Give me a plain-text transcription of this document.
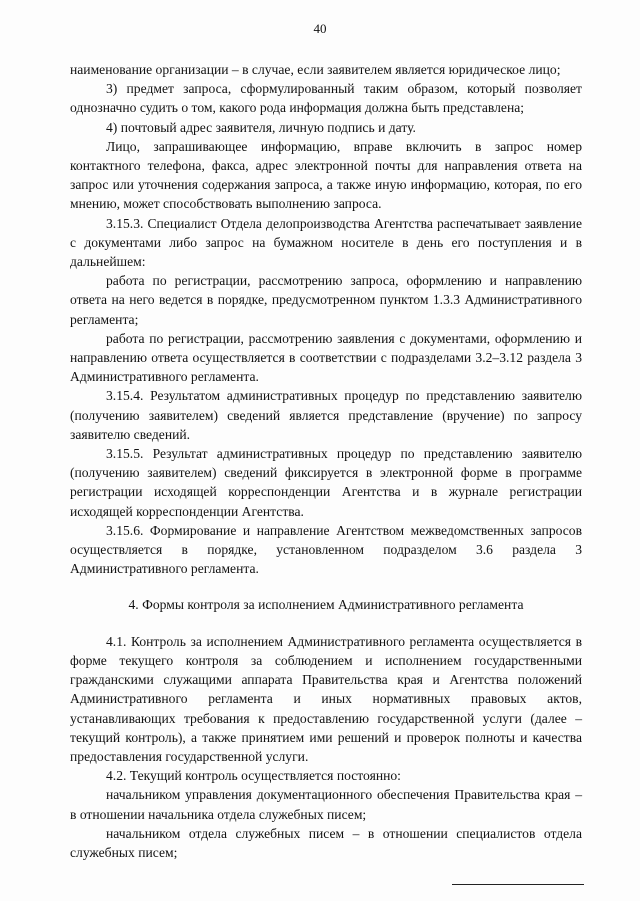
40

наименование организации – в случае, если заявителем является юридическое лицо;

3) предмет запроса, сформулированный таким образом, который позволяет однозначно судить о том, какого рода информация должна быть представлена;

4) почтовый адрес заявителя, личную подпись и дату.

Лицо, запрашивающее информацию, вправе включить в запрос номер контактного телефона, факса, адрес электронной почты для направления ответа на запрос или уточнения содержания запроса, а также иную информацию, которая, по его мнению, может способствовать выполнению запроса.

3.15.3. Специалист Отдела делопроизводства Агентства распечатывает заявление с документами либо запрос на бумажном носителе в день его поступления и в дальнейшем:

работа по регистрации, рассмотрению запроса, оформлению и направлению ответа на него ведется в порядке, предусмотренном пунктом 1.3.3 Административного регламента;

работа по регистрации, рассмотрению заявления с документами, оформлению и направлению ответа осуществляется в соответствии с подразделами 3.2–3.12 раздела 3 Административного регламента.

3.15.4. Результатом административных процедур по представлению заявителю (получению заявителем) сведений является представление (вручение) по запросу заявителю сведений.

3.15.5. Результат административных процедур по представлению заявителю (получению заявителем) сведений фиксируется в электронной форме в программе регистрации исходящей корреспонденции Агентства и в журнале регистрации исходящей корреспонденции Агентства.

3.15.6. Формирование и направление Агентством межведомственных запросов осуществляется в порядке, установленном подразделом 3.6 раздела 3 Административного регламента.

4. Формы контроля за исполнением Административного регламента

4.1. Контроль за исполнением Административного регламента осуществляется в форме текущего контроля за соблюдением и исполнением государственными гражданскими служащими аппарата Правительства края и Агентства положений Административного регламента и иных нормативных правовых актов, устанавливающих требования к предоставлению государственной услуги (далее – текущий контроль), а также принятием ими решений и проверок полноты и качества предоставления государственной услуги.

4.2. Текущий контроль осуществляется постоянно:

начальником управления документационного обеспечения Правительства края – в отношении начальника отдела служебных писем;

начальником отдела служебных писем – в отношении специалистов отдела служебных писем;
